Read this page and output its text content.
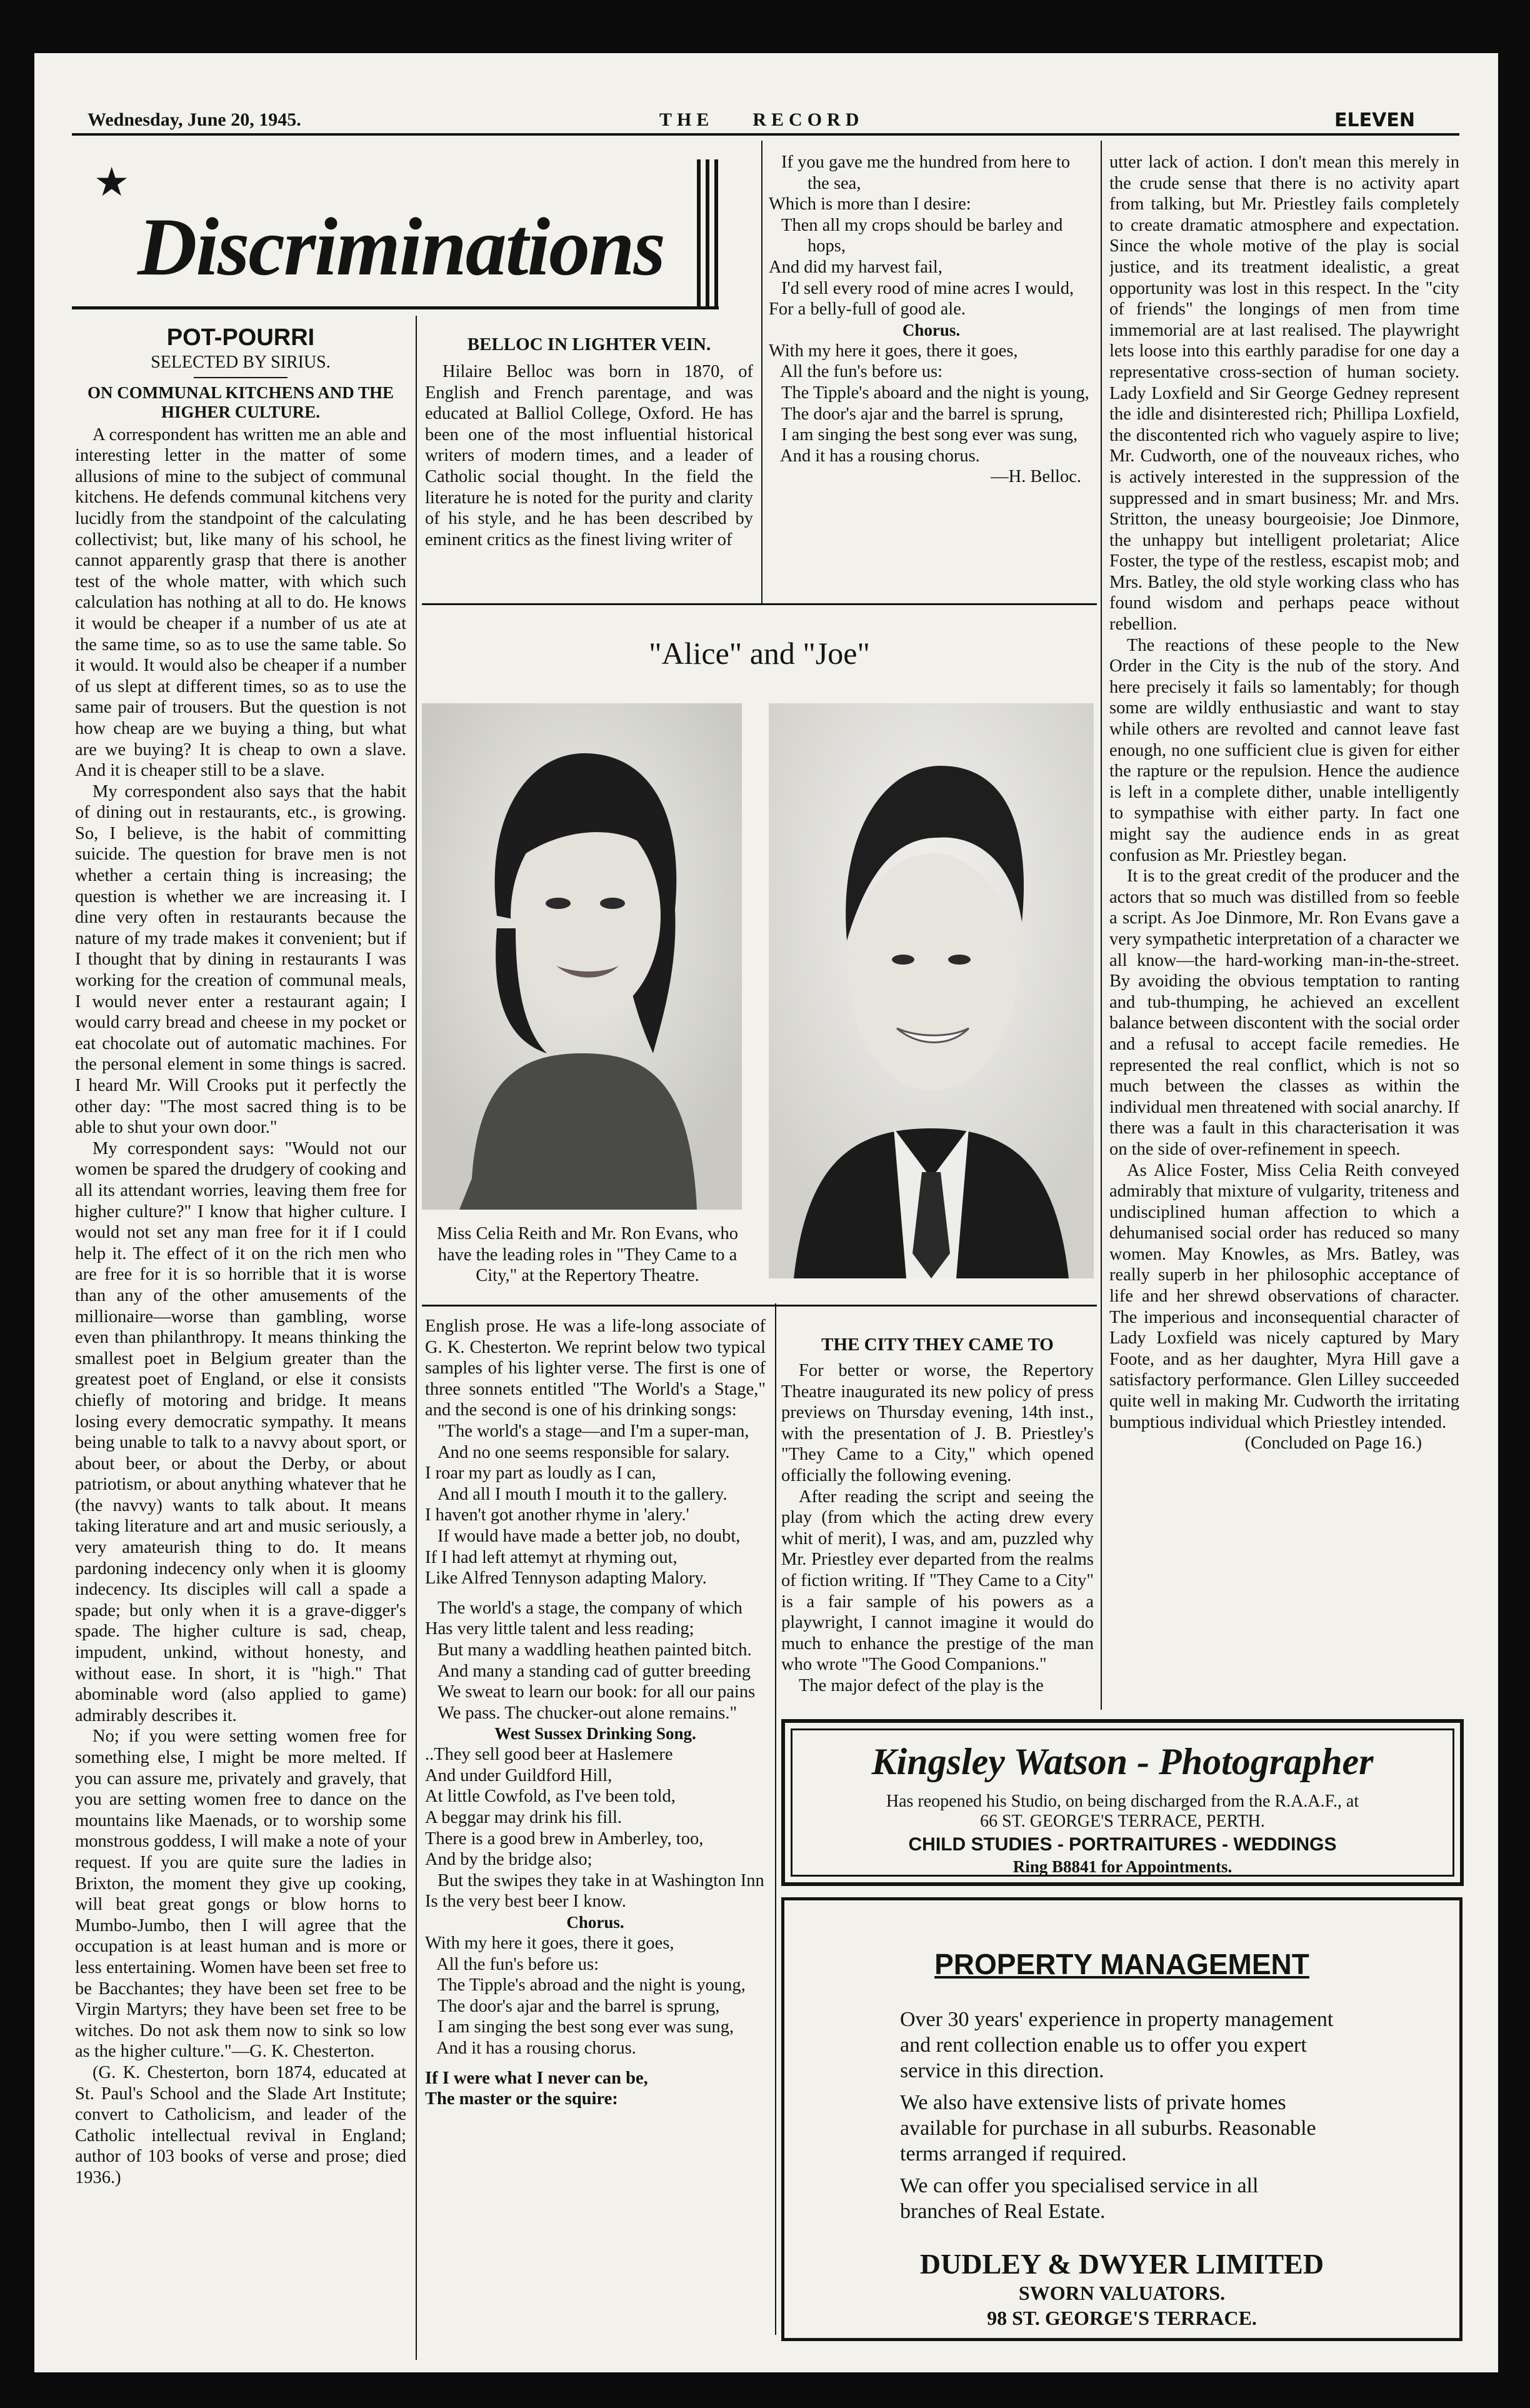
Wednesday, June 20, 1945.	THE    RECORD	ELEVEN
★
Discriminations
POT-POURRI
SELECTED BY SIRIUS.
ON COMMUNAL KITCHENS AND THE HIGHER CULTURE.

A correspondent has written me an able and interesting letter in the matter of some allusions of mine to the subject of communal kitchens. He defends communal kitchens very lucidly from the standpoint of the calculating collectivist; but, like many of his school, he cannot apparently grasp that there is another test of the whole matter, with which such calculation has nothing at all to do. He knows it would be cheaper if a number of us ate at the same time, so as to use the same table. So it would. It would also be cheaper if a number of us slept at different times, so as to use the same pair of trousers. But the question is not how cheap are we buying a thing, but what are we buying? It is cheap to own a slave. And it is cheaper still to be a slave.

My correspondent also says that the habit of dining out in restaurants, etc., is growing. So, I believe, is the habit of committing suicide. The question for brave men is not whether a certain thing is increasing; the question is whether we are increasing it. I dine very often in restaurants because the nature of my trade makes it convenient; but if I thought that by dining in restaurants I was working for the creation of communal meals, I would never enter a restaurant again; I would carry bread and cheese in my pocket or eat chocolate out of automatic machines. For the personal element in some things is sacred. I heard Mr. Will Crooks put it perfectly the other day: "The most sacred thing is to be able to shut your own door."

My correspondent says: "Would not our women be spared the drudgery of cooking and all its attendant worries, leaving them free for higher culture?" I know that higher culture. I would not set any man free for it if I could help it. The effect of it on the rich men who are free for it is so horrible that it is worse than any of the other amusements of the millionaire—worse than gambling, worse even than philanthropy. It means thinking the smallest poet in Belgium greater than the greatest poet of England, or else it consists chiefly of motoring and bridge. It means losing every democratic sympathy. It means being unable to talk to a navvy about sport, or about beer, or about the Derby, or about patriotism, or about anything whatever that he (the navvy) wants to talk about. It means taking literature and art and music seriously, a very amateurish thing to do. It means pardoning indecency only when it is gloomy indecency. Its disciples will call a spade a spade; but only when it is a grave-digger's spade. The higher culture is sad, cheap, impudent, unkind, without honesty, and without ease. In short, it is "high." That abominable word (also applied to game) admirably describes it.

No; if you were setting women free for something else, I might be more melted. If you can assure me, privately and gravely, that you are setting women free to dance on the mountains like Maenads, or to worship some monstrous goddess, I will make a note of your request. If you are quite sure the ladies in Brixton, the moment they give up cooking, will beat great gongs or blow horns to Mumbo-Jumbo, then I will agree that the occupation is at least human and is more or less entertaining. Women have been set free to be Bacchantes; they have been set free to be Virgin Martyrs; they have been set free to be witches. Do not ask them now to sink so low as the higher culture."—G. K. Chesterton.

(G. K. Chesterton, born 1874, educated at St. Paul's School and the Slade Art Institute; convert to Catholicism, and leader of the Catholic intellectual revival in England; author of 103 books of verse and prose; died 1936.)

BELLOC IN LIGHTER VEIN.

Hilaire Belloc was born in 1870, of English and French parentage, and was educated at Balliol College, Oxford. He has been one of the most influential historical writers of modern times, and a leader of Catholic social thought. In the field the literature he is noted for the purity and clarity of his style, and he has been described by eminent critics as the finest living writer of

If you gave me the hundred from here to the sea,

Which is more than I desire:

Then all my crops should be barley and hops,

And did my harvest fail,

I'd sell every rood of mine acres I would,

For a belly-full of good ale.

Chorus.

With my here it goes, there it goes,

All the fun's before us:

The Tipple's aboard and the night is young,

The door's ajar and the barrel is sprung,

I am singing the best song ever was sung,

And it has a rousing chorus.

—H. Belloc.
"Alice" and "Joe"
Miss Celia Reith and Mr. Ron Evans, who have the leading roles in "They Came to a City," at the Repertory Theatre.

English prose. He was a life-long associate of G. K. Chesterton. We reprint below two typical samples of his lighter verse. The first is one of three sonnets entitled "The World's a Stage," and the second is one of his drinking songs:

"The world's a stage—and I'm a super-man,

And no one seems responsible for salary.

I roar my part as loudly as I can,

And all I mouth I mouth it to the gallery.

I haven't got another rhyme in 'alery.'

If would have made a better job, no doubt,

If I had left attemyt at rhyming out,

Like Alfred Tennyson adapting Malory.

The world's a stage, the company of which

Has very little talent and less reading;

But many a waddling heathen painted bitch.

And many a standing cad of gutter breeding

We sweat to learn our book: for all our pains

We pass. The chucker-out alone remains."

West Sussex Drinking Song.

..They sell good beer at Haslemere

And under Guildford Hill,

At little Cowfold, as I've been told,

A beggar may drink his fill.

There is a good brew in Amberley, too,

And by the bridge also;

But the swipes they take in at Washington Inn

Is the very best beer I know.

Chorus.

With my here it goes, there it goes,

All the fun's before us:

The Tipple's abroad and the night is young,

The door's ajar and the barrel is sprung,

I am singing the best song ever was sung,

And it has a rousing chorus.

If I were what I never can be,

The master or the squire:

THE CITY THEY CAME TO

For better or worse, the Repertory Theatre inaugurated its new policy of press previews on Thursday evening, 14th inst., with the presentation of J. B. Priestley's "They Came to a City," which opened officially the following evening.

After reading the script and seeing the play (from which the acting drew every whit of merit), I was, and am, puzzled why Mr. Priestley ever departed from the realms of fiction writing. If "They Came to a City" is a fair sample of his powers as a playwright, I cannot imagine it would do much to enhance the prestige of the man who wrote "The Good Companions."

The major defect of the play is the

utter lack of action. I don't mean this merely in the crude sense that there is no activity apart from talking, but Mr. Priestley fails completely to create dramatic atmosphere and expectation. Since the whole motive of the play is social justice, and its treatment idealistic, a great opportunity was lost in this respect. In the "city of friends" the longings of men from time immemorial are at last realised. The playwright lets loose into this earthly paradise for one day a representative cross-section of human society. Lady Loxfield and Sir George Gedney represent the idle and disinterested rich; Phillipa Loxfield, the discontented rich who vaguely aspire to live; Mr. Cudworth, one of the nouveaux riches, who is actively interested in the suppression of the suppressed and in smart business; Mr. and Mrs. Stritton, the uneasy bourgeoisie; Joe Dinmore, the unhappy but intelligent proletariat; Alice Foster, the type of the restless, escapist mob; and Mrs. Batley, the old style working class who has found wisdom and perhaps peace without rebellion.

The reactions of these people to the New Order in the City is the nub of the story. And here precisely it fails so lamentably; for though some are wildly enthusiastic and want to stay while others are revolted and cannot leave fast enough, no one sufficient clue is given for either the rapture or the repulsion. Hence the audience is left in a complete dither, unable intelligently to sympathise with either party. In fact one might say the audience ends in as great confusion as Mr. Priestley began.

It is to the great credit of the producer and the actors that so much was distilled from so feeble a script. As Joe Dinmore, Mr. Ron Evans gave a very sympathetic interpretation of a character we all know—the hard-working man-in-the-street. By avoiding the obvious temptation to ranting and tub-thumping, he achieved an excellent balance between discontent with the social order and a refusal to accept facile remedies. He represented the real conflict, which is not so much between the classes as within the individual men threatened with social anarchy. If there was a fault in this characterisation it was on the side of over-refinement in speech.

As Alice Foster, Miss Celia Reith conveyed admirably that mixture of vulgarity, triteness and undisciplined human affection to which a dehumanised social order has reduced so many women. May Knowles, as Mrs. Batley, was really superb in her philosophic acceptance of life and her shrewd observations of character. The imperious and inconsequential character of Lady Loxfield was nicely captured by Mary Foote, and as her daughter, Myra Hill gave a satisfactory performance. Glen Lilley succeeded quite well in making Mr. Cudworth the irritating bumptious individual which Priestley intended.

(Concluded on Page 16.)
Kingsley Watson - Photographer
Has reopened his Studio, on being discharged from the R.A.A.F., at
66 ST. GEORGE'S TERRACE, PERTH.
CHILD STUDIES - PORTRAITURES - WEDDINGS
Ring B8841 for Appointments.
PROPERTY MANAGEMENT
Over 30 years' experience in property management and rent collection enable us to offer you expert service in this direction.
We also have extensive lists of private homes available for purchase in all suburbs. Reasonable terms arranged if required.
We can offer you specialised service in all branches of Real Estate.
DUDLEY & DWYER LIMITED
SWORN VALUATORS.
98 ST. GEORGE'S TERRACE.
